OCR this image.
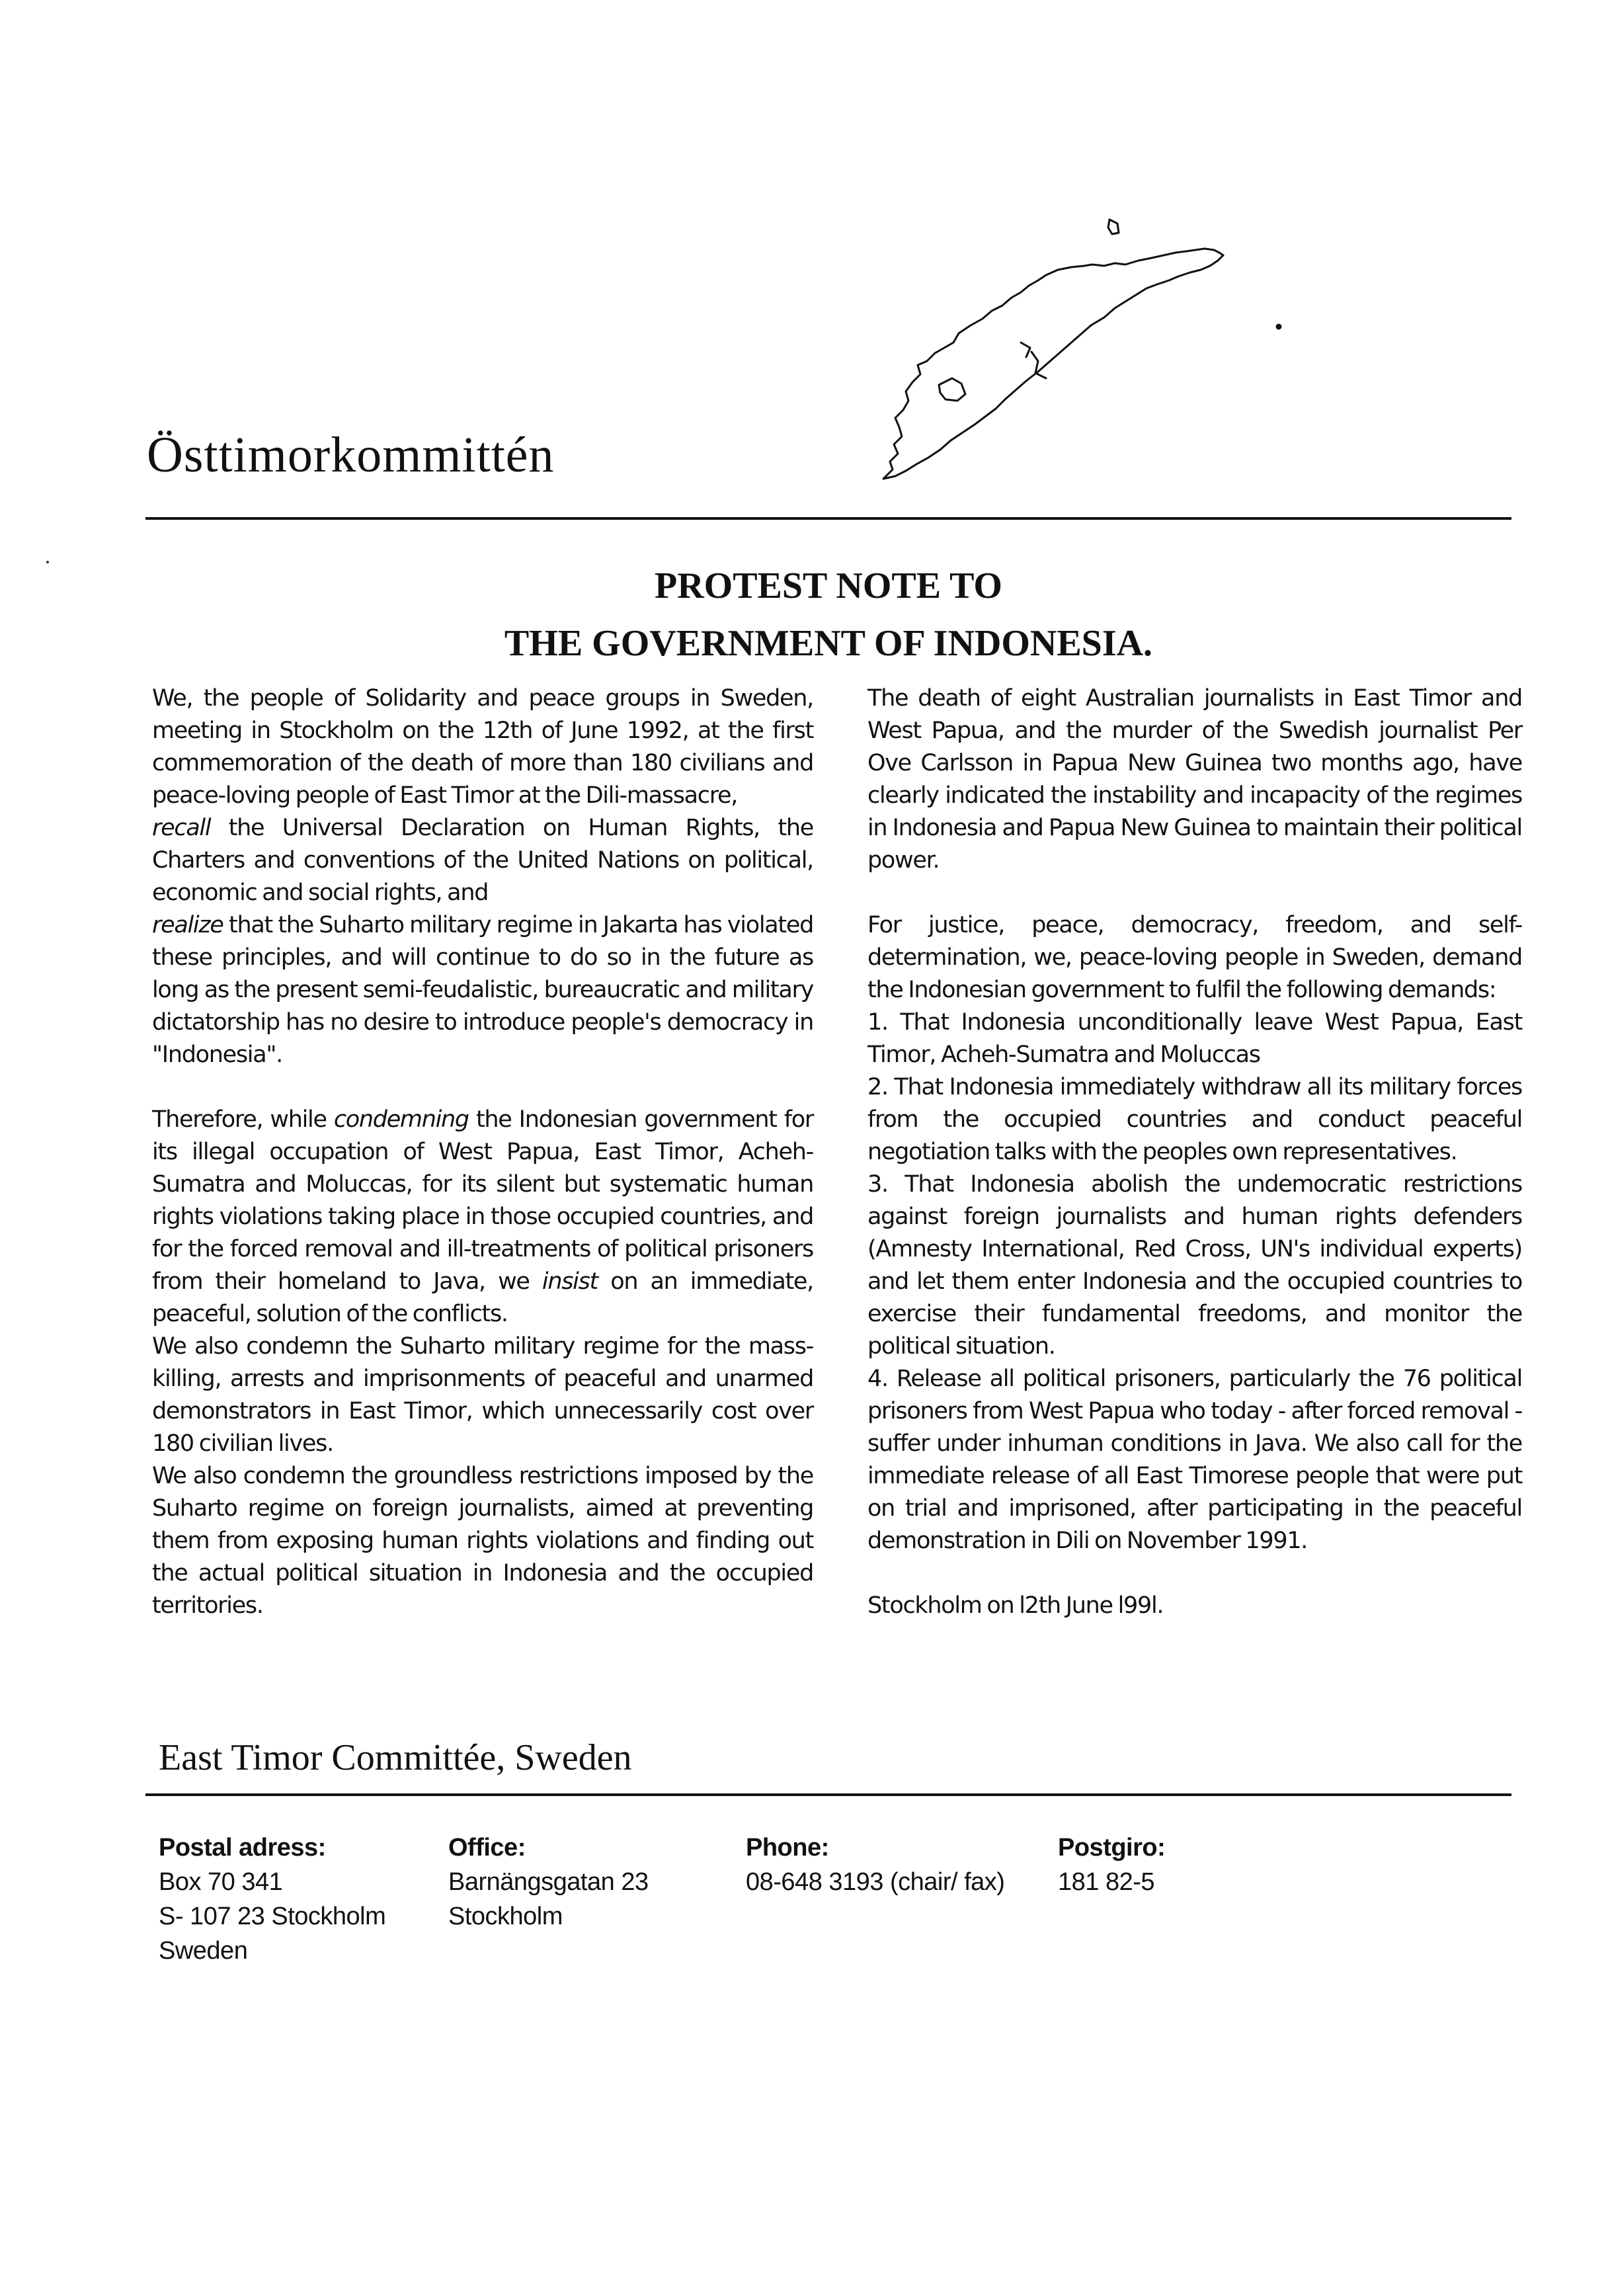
Östtimorkommittén
PROTEST NOTE TO
THE GOVERNMENT OF INDONESIA.

We, the people of Solidarity and peace groups in Sweden, meeting in Stockholm on the 12th of June 1992, at the first commemoration of the death of more than 180 civilians and peace-loving people of East Timor at the Dili-massacre,

recall the Universal Declaration on Human Rights, the Charters and conventions of the United Nations on political, economic and social rights, and

realize that the Suharto military regime in Jakarta has violated these principles, and will continue to do so in the future as long as the present semi-feudalistic, bureaucratic and military dictatorship has no desire to introduce people's democracy in "Indonesia".

Therefore, while condemning the Indonesian government for its illegal occupation of West Papua, East Timor, Acheh-Sumatra and Moluccas, for its silent but systematic human rights violations taking place in those occupied countries, and for the forced removal and ill-treatments of political prisoners from their homeland to Java, we insist on an immediate, peaceful, solution of the conflicts.

We also condemn the Suharto military regime for the mass-killing, arrests and imprisonments of peaceful and unarmed demonstrators in East Timor, which unnecessarily cost over 180 civilian lives.

We also condemn the groundless restrictions imposed by the Suharto regime on foreign journalists, aimed at preventing them from exposing human rights violations and finding out the actual political situation in Indonesia and the occupied territories.

The death of eight Australian journalists in East Timor and West Papua, and the murder of the Swedish journalist Per Ove Carlsson in Papua New Guinea two months ago, have clearly indicated the instability and incapacity of the regimes in Indonesia and Papua New Guinea to maintain their political power.

For justice, peace, democracy, freedom, and self-determination, we, peace-loving people in Sweden, demand the Indonesian government to fulfil the following demands:

1. That Indonesia unconditionally leave West Papua, East Timor, Acheh-Sumatra and Moluccas

2. That Indonesia immediately withdraw all its military forces from the occupied countries and conduct peaceful negotiation talks with the peoples own representatives.

3. That Indonesia abolish the undemocratic restrictions against foreign journalists and human rights defenders (Amnesty International, Red Cross, UN's individual experts) and let them enter Indonesia and the occupied countries to exercise their fundamental freedoms, and monitor the political situation.

4. Release all political prisoners, particularly the 76 political prisoners from West Papua who today - after forced removal - suffer under inhuman conditions in Java. We also call for the immediate release of all East Timorese people that were put on trial and imprisoned, after participating in the peaceful demonstration in Dili on November 1991.

Stockholm on l2th June l99l.

East Timor Committée, Sweden
Postal adress:
Box 70 341
S- 107 23 Stockholm
Sweden
Office:
Barnängsgatan 23
Stockholm
Phone:
08-648 3193 (chair/ fax)
Postgiro:
181 82-5
